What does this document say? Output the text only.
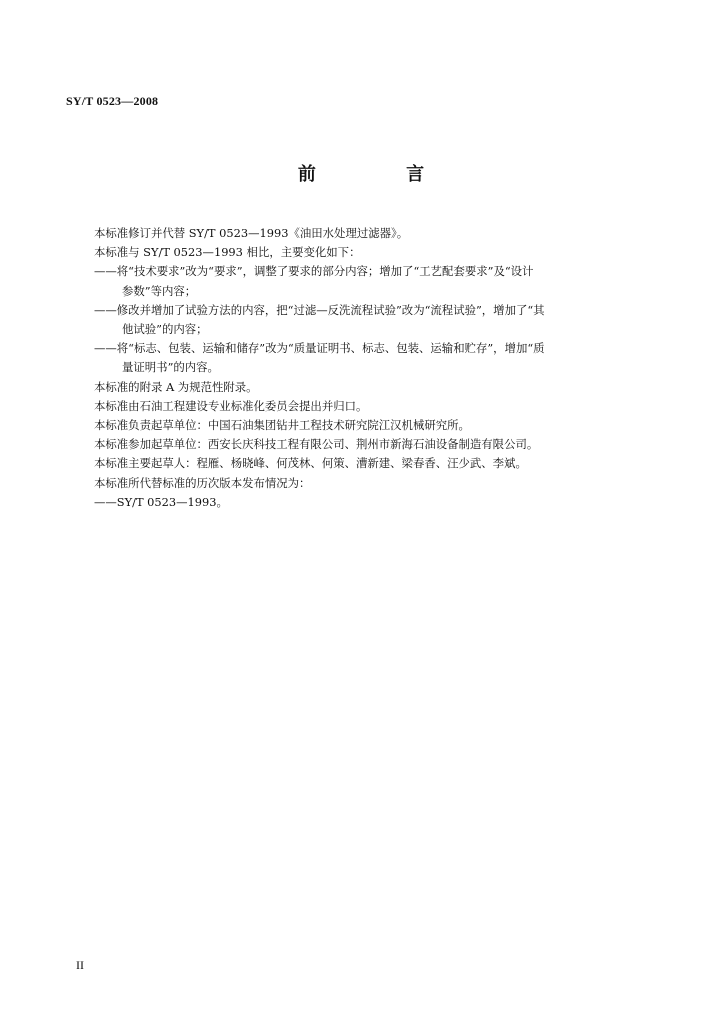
SY/T 0523—2008
前 言

本标准修订并代替 SY/T 0523—1993《油田水处理过滤器》。

本标准与 SY/T 0523—1993 相比，主要变化如下：

——将“技术要求”改为“要求”，调整了要求的部分内容；增加了“工艺配套要求”及“设计
参数”等内容；
——修改并增加了试验方法的内容，把“过滤—反洗流程试验”改为“流程试验”，增加了“其
他试验”的内容；
——将“标志、包装、运输和储存”改为“质量证明书、标志、包装、运输和贮存”，增加“质
量证明书”的内容。

本标准的附录 A 为规范性附录。

本标准由石油工程建设专业标准化委员会提出并归口。

本标准负责起草单位：中国石油集团钻井工程技术研究院江汉机械研究所。

本标准参加起草单位：西安长庆科技工程有限公司、荆州市新海石油设备制造有限公司。

本标准主要起草人：程雁、杨晓峰、何茂林、何策、漕新建、梁春香、汪少武、李斌。

本标准所代替标准的历次版本发布情况为：

——SY/T 0523—1993。

II
